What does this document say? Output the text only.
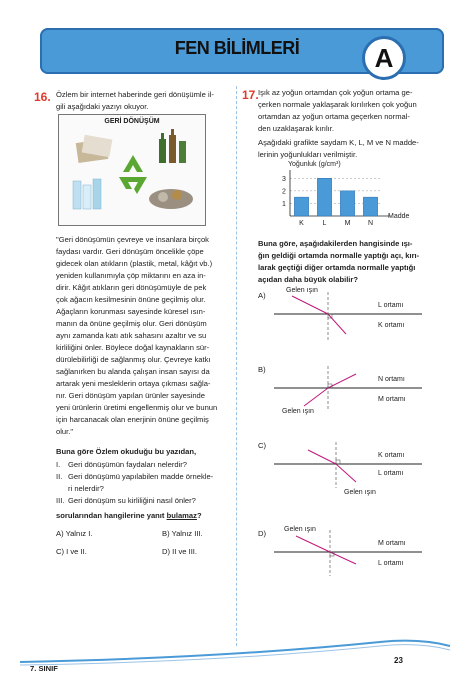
FEN BİLİMLERİ	A
16. Özlem bir internet haberinde geri dönüşümle il-
gili aşağıdaki yazıyı okuyor.
GERİ DÖNÜŞÜM
"Geri dönüşümün çevreye ve insanlara birçok
faydası vardır. Geri dönüşüm öncelikle çöpe
gidecek olan atıkların (plastik, metal, kâğıt vb.)
yeniden kullanımıyla çöp miktarını en aza in-
dirir. Kâğıt atıkların geri dönüşümüyle de pek
çok ağacın kesilmesinin önüne geçilmiş olur.
Ağaçların korunması sayesinde küresel ısın-
manın da önüne geçilmiş olur. Geri dönüşüm
aynı zamanda katı atık sahasını azaltır ve su
kirliliğini önler. Böylece doğal kaynakların sür-
dürülebilirliği de sağlanmış olur. Çevreye katkı
sağlanırken bu alanda çalışan insan sayısı da
artarak yeni mesleklerin ortaya çıkması sağla-
nır. Geri dönüşüm yapılan ürünler sayesinde
yeni ürünlerin üretimi engellenmiş olur ve bunun
için harcanacak olan enerjinin önüne geçilmiş
olur."
Buna göre Özlem okuduğu bu yazıdan,
I.	Geri dönüşümün faydaları nelerdir?
II. Geri dönüşümü yapılabilen madde örnekle-
ri nelerdir?
III. Geri dönüşüm su kirliliğini nasıl önler?
sorularından hangilerine yanıt bulamaz?
A) Yalnız I.	B) Yalnız III.
C) I ve II.	D) II ve III.
17. Işık az yoğun ortamdan çok yoğun ortama ge-
çerken normale yaklaşarak kırılırken çok yoğun
ortamdan az yoğun ortama geçerken normal-
den uzaklaşarak kırılır.
Aşağıdaki grafikte saydam K, L, M ve N madde-
lerinin yoğunlukları verilmiştir.
Yoğunluk (g/cm³)
1
2
3
Madde
K	L	M	N
Buna göre, aşağıdakilerden hangisinde ışı-
ğın geldiği ortamda normalle yaptığı açı, kırı-
larak geçtiği diğer ortamda normalle yaptığı
açıdan daha büyük olabilir?
A)
Gelen ışın
L ortamı
K ortamı
B)
Gelen ışın
N ortamı
M ortamı
C)
Gelen ışın
K ortamı
L ortamı
D)	Gelen ışın
M ortamı
L ortamı
7. SINIF
23
